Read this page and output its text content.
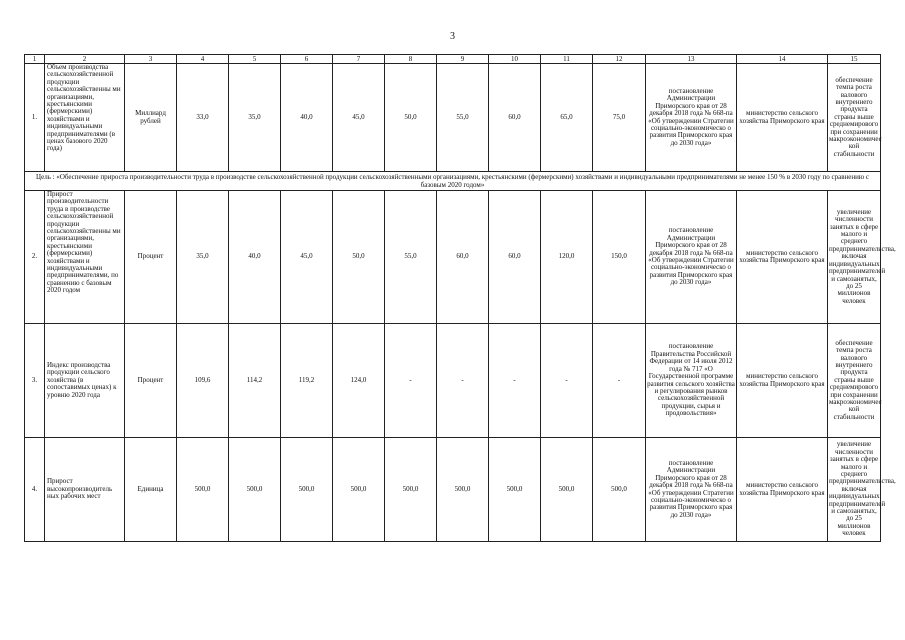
3
1	2	3	4	5	6	7	8	9	10	11	12	13	14	15
1.	Объем производства сельскохозяйственной продукции сельскохозяйственны ми организациями, крестьянскими (фермерскими) хозяйствами и индивидуальными предпринимателями (в ценах базового 2020 года)	Миллиард рублей	33,0	35,0	40,0	45,0	50,0	55,0	60,0	65,0	75,0	постановление Администрации Приморского края от 28 декабря 2018 года № 668-па «Об утверждении Стратегии социально-экономическо о развития Приморского края до 2030 года»	министерство сельского хозяйства Приморского края	обеспечение темпа роста валового внутреннего продукта страны выше среднемирового при сохранении макроэкономичес кой стабильности
Цель : «Обеспечение прироста производительности труда в производстве сельскохозяйственной продукции сельскохозяйственными организациями, крестьянскими (фермерскими) хозяйствами и индивидуальными предпринимателями не менее 150 % в 2030 году по сравнению с базовым 2020 годом»														
2.	Прирост производительности труда в производстве сельскохозяйственной продукции сельскохозяйственны ми организациями, крестьянскими (фермерскими) хозяйствами и индивидуальными предпринимателями, по сравнению с базовым 2020 годом	Процент	35,0	40,0	45,0	50,0	55,0	60,0	60,0	120,0	150,0	постановление Администрации Приморского края от 28 декабря 2018 года № 668-па «Об утверждении Стратегии социально-экономическо о развития Приморского края до 2030 года»	министерство сельского хозяйства Приморского края	увеличение численности занятых в сфере малого и среднего предпринимательства, включая индивидуальных предпринимателей и самозанятых, до 25 миллионов человек
3.	Индекс производства продукции сельского хозяйства (в сопоставимых ценах) к уровню 2020 года	Процент	109,6	114,2	119,2	124,0	-	-	-	-	-	постановление Правительства Российской Федерации от 14 июля 2012 года № 717 «О Государственной программе развития сельского хозяйства и регулирования рынков сельскохозяйственной продукции, сырья и продовольствия»	министерство сельского хозяйства Приморского края	обеспечение темпа роста валового внутреннего продукта страны выше среднемирового при сохранении макроэкономичес кой стабильности
4.	Прирост высокопроизводитель ных рабочих мест	Единица	500,0	500,0	500,0	500,0	500,0	500,0	500,0	500,0	500,0	постановление Администрации Приморского края от 28 декабря 2018 года № 668-па «Об утверждении Стратегии социально-экономическо о развития Приморского края до 2030 года»	министерство сельского хозяйства Приморского края	увеличение численности занятых в сфере малого и среднего предпринимательства, включая индивидуальных предпринимателей и самозанятых, до 25 миллионов человек
